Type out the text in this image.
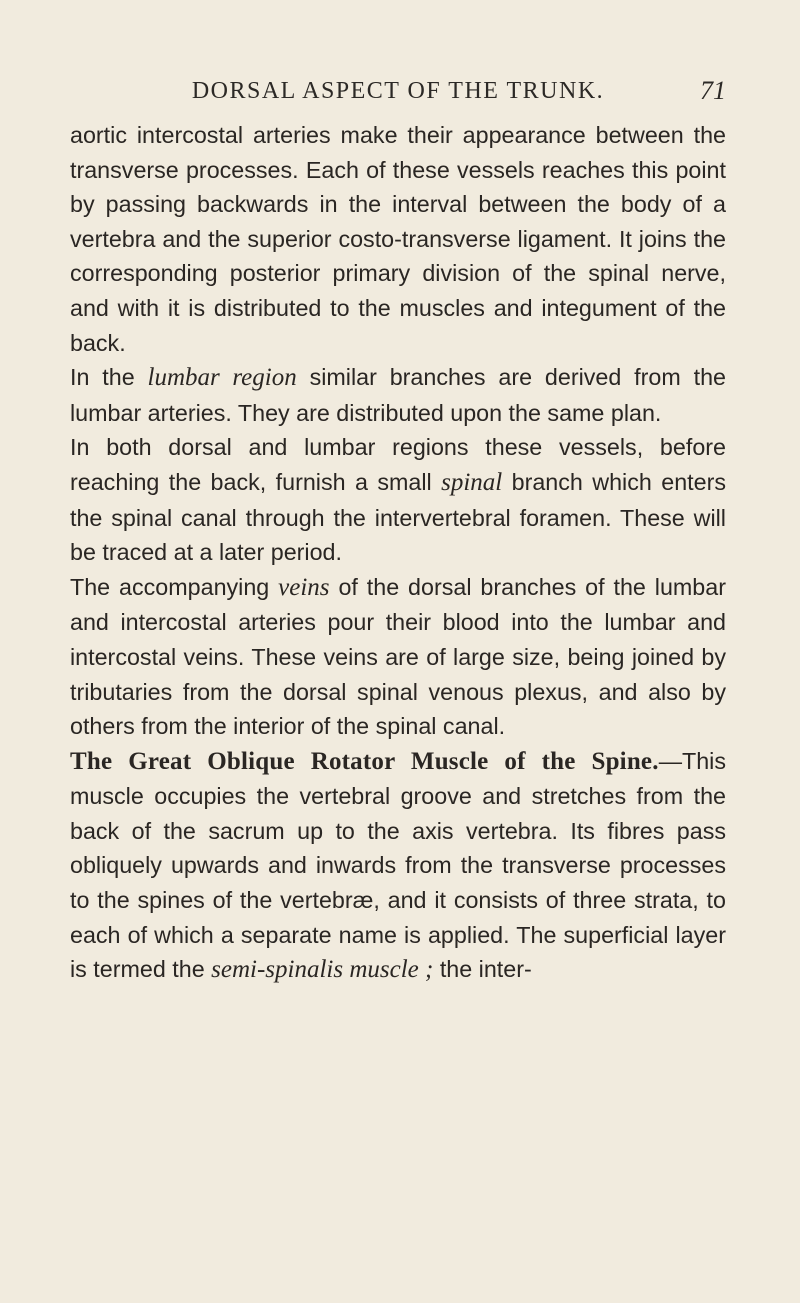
DORSAL ASPECT OF THE TRUNK.	71

aortic intercostal arteries make their appearance between the transverse processes. Each of these vessels reaches this point by passing backwards in the interval between the body of a vertebra and the superior costo-transverse ligament. It joins the corresponding posterior primary division of the spinal nerve, and with it is distributed to the muscles and integument of the back.

In the lumbar region similar branches are derived from the lumbar arteries. They are distributed upon the same plan.

In both dorsal and lumbar regions these vessels, before reaching the back, furnish a small spinal branch which enters the spinal canal through the intervertebral foramen. These will be traced at a later period.

The accompanying veins of the dorsal branches of the lumbar and intercostal arteries pour their blood into the lumbar and intercostal veins. These veins are of large size, being joined by tributaries from the dorsal spinal venous plexus, and also by others from the interior of the spinal canal.

The Great Oblique Rotator Muscle of the Spine.—This muscle occupies the vertebral groove and stretches from the back of the sacrum up to the axis vertebra. Its fibres pass obliquely upwards and inwards from the transverse processes to the spines of the vertebræ, and it consists of three strata, to each of which a separate name is applied. The superficial layer is termed the semi-spinalis muscle ; the inter-
